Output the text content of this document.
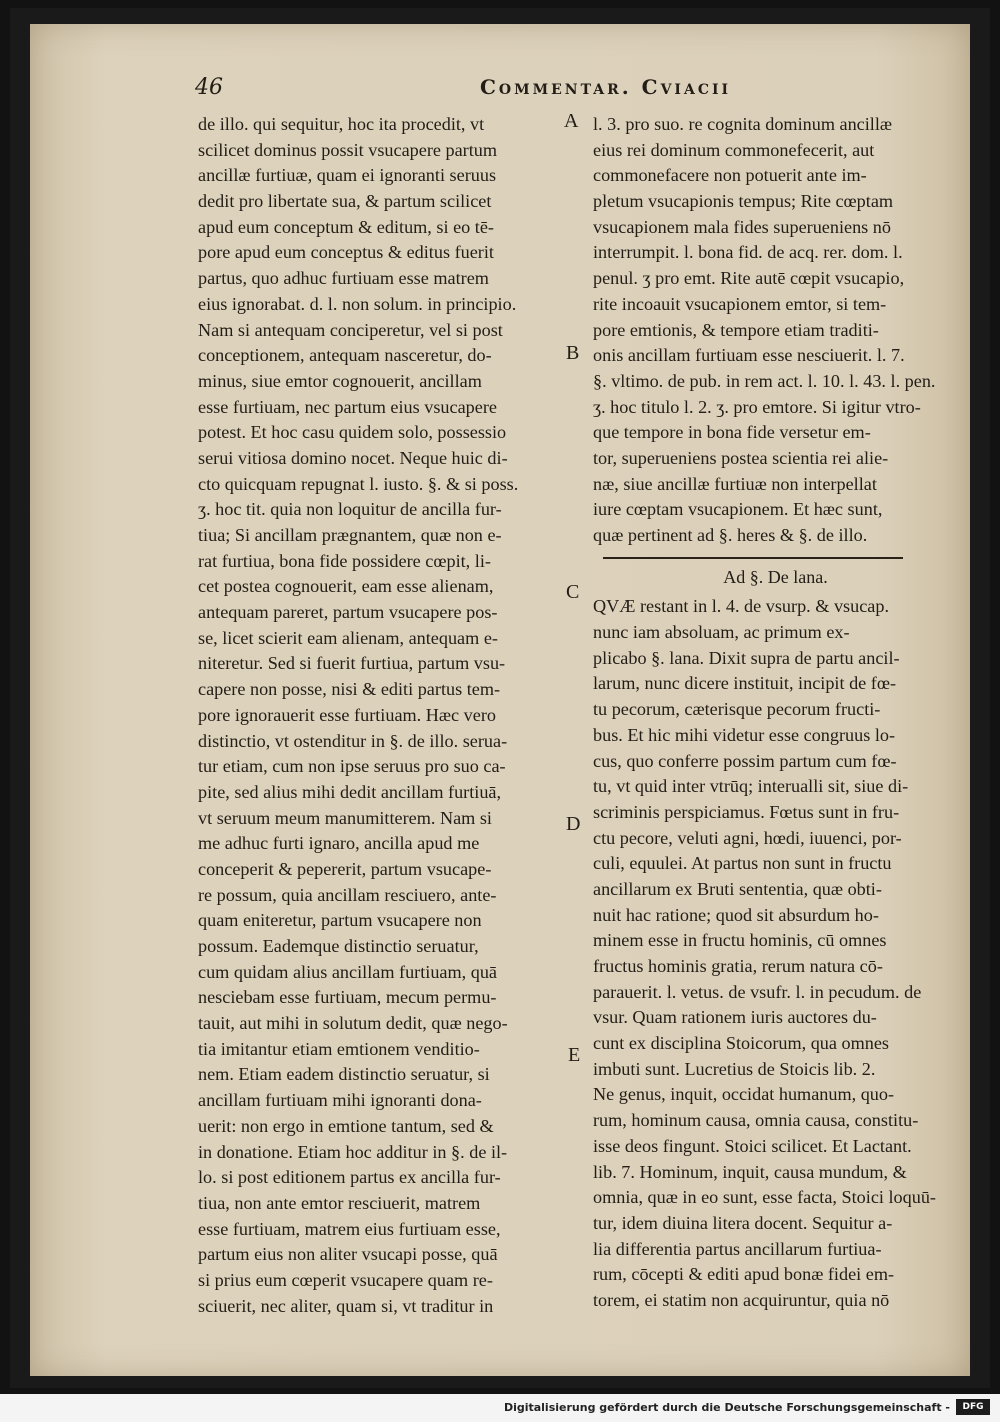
46	Commentar. Cviacii
de illo. qui sequitur, hoc ita procedit, vt
scilicet dominus possit vsucapere partum
ancillæ furtiuæ, quam ei ignoranti seruus
dedit pro libertate sua, & partum scilicet
apud eum conceptum & editum, si eo tē-
pore apud eum conceptus & editus fuerit
partus, quo adhuc furtiuam esse matrem
eius ignorabat. d. l. non solum. in principio.
Nam si antequam conciperetur, vel si post
conceptionem, antequam nasceretur, do-
minus, siue emtor cognouerit, ancillam
esse furtiuam, nec partum eius vsucapere
potest. Et hoc casu quidem solo, possessio
serui vitiosa domino nocet. Neque huic di-
cto quicquam repugnat l. iusto. §. & si poss.
ʒ. hoc tit. quia non loquitur de ancilla fur-
tiua; Si ancillam prægnantem, quæ non e-
rat furtiua, bona fide possidere cœpit, li-
cet postea cognouerit, eam esse alienam,
antequam pareret, partum vsucapere pos-
se, licet scierit eam alienam, antequam e-
niteretur. Sed si fuerit furtiua, partum vsu-
capere non posse, nisi & editi partus tem-
pore ignorauerit esse furtiuam. Hæc vero
distinctio, vt ostenditur in §. de illo. serua-
tur etiam, cum non ipse seruus pro suo ca-
pite, sed alius mihi dedit ancillam furtiuā,
vt seruum meum manumitterem. Nam si
me adhuc furti ignaro, ancilla apud me
conceperit & pepererit, partum vsucape-
re possum, quia ancillam resciuero, ante-
quam eniteretur, partum vsucapere non
possum. Eademque distinctio seruatur,
cum quidam alius ancillam furtiuam, quā
nesciebam esse furtiuam, mecum permu-
tauit, aut mihi in solutum dedit, quæ nego-
tia imitantur etiam emtionem venditio-
nem. Etiam eadem distinctio seruatur, si
ancillam furtiuam mihi ignoranti dona-
uerit: non ergo in emtione tantum, sed &
in donatione. Etiam hoc additur in §. de il-
lo. si post editionem partus ex ancilla fur-
tiua, non ante emtor resciuerit, matrem
esse furtiuam, matrem eius furtiuam esse,
partum eius non aliter vsucapi posse, quā
si prius eum cœperit vsucapere quam re-
sciuerit, nec aliter, quam si, vt traditur in
l. 3. pro suo. re cognita dominum ancillæ
eius rei dominum commonefecerit, aut
commonefacere non potuerit ante im-
pletum vsucapionis tempus; Rite cœptam
vsucapionem mala fides superueniens nō
interrumpit. l. bona fid. de acq. rer. dom. l.
penul. ʒ pro emt. Rite autē cœpit vsucapio,
rite incoauit vsucapionem emtor, si tem-
pore emtionis, & tempore etiam traditi-
onis ancillam furtiuam esse nesciuerit. l. 7.
§. vltimo. de pub. in rem act. l. 10. l. 43. l. pen.
ʒ. hoc titulo l. 2. ʒ. pro emtore. Si igitur vtro-
que tempore in bona fide versetur em-
tor, superueniens postea scientia rei alie-
næ, siue ancillæ furtiuæ non interpellat
iure cœptam vsucapionem. Et hæc sunt,
quæ pertinent ad §. heres & §. de illo.
Ad §. De lana.
QVÆ restant in l. 4. de vsurp. & vsucap.
nunc iam absoluam, ac primum ex-
plicabo §. lana. Dixit supra de partu ancil-
larum, nunc dicere instituit, incipit de fœ-
tu pecorum, cæterisque pecorum fructi-
bus. Et hic mihi videtur esse congruus lo-
cus, quo conferre possim partum cum fœ-
tu, vt quid inter vtrūq; interualli sit, siue di-
scriminis perspiciamus. Fœtus sunt in fru-
ctu pecore, veluti agni, hœdi, iuuenci, por-
culi, equulei. At partus non sunt in fructu
ancillarum ex Bruti sententia, quæ obti-
nuit hac ratione; quod sit absurdum ho-
minem esse in fructu hominis, cū omnes
fructus hominis gratia, rerum natura cō-
parauerit. l. vetus. de vsufr. l. in pecudum. de
vsur. Quam rationem iuris auctores du-
cunt ex disciplina Stoicorum, qua omnes
imbuti sunt. Lucretius de Stoicis lib. 2.
Ne genus, inquit, occidat humanum, quo-
rum, hominum causa, omnia causa, constitu-
isse deos fingunt. Stoici scilicet. Et Lactant.
lib. 7. Hominum, inquit, causa mundum, &
omnia, quæ in eo sunt, esse facta, Stoici loquū-
tur, idem diuina litera docent. Sequitur a-
lia differentia partus ancillarum furtiua-
rum, cōcepti & editi apud bonæ fidei em-
torem, ei statim non acquiruntur, quia nō
A
B
C
D
E
Digitalisierung gefördert durch die Deutsche Forschungsgemeinschaft -	DFG
